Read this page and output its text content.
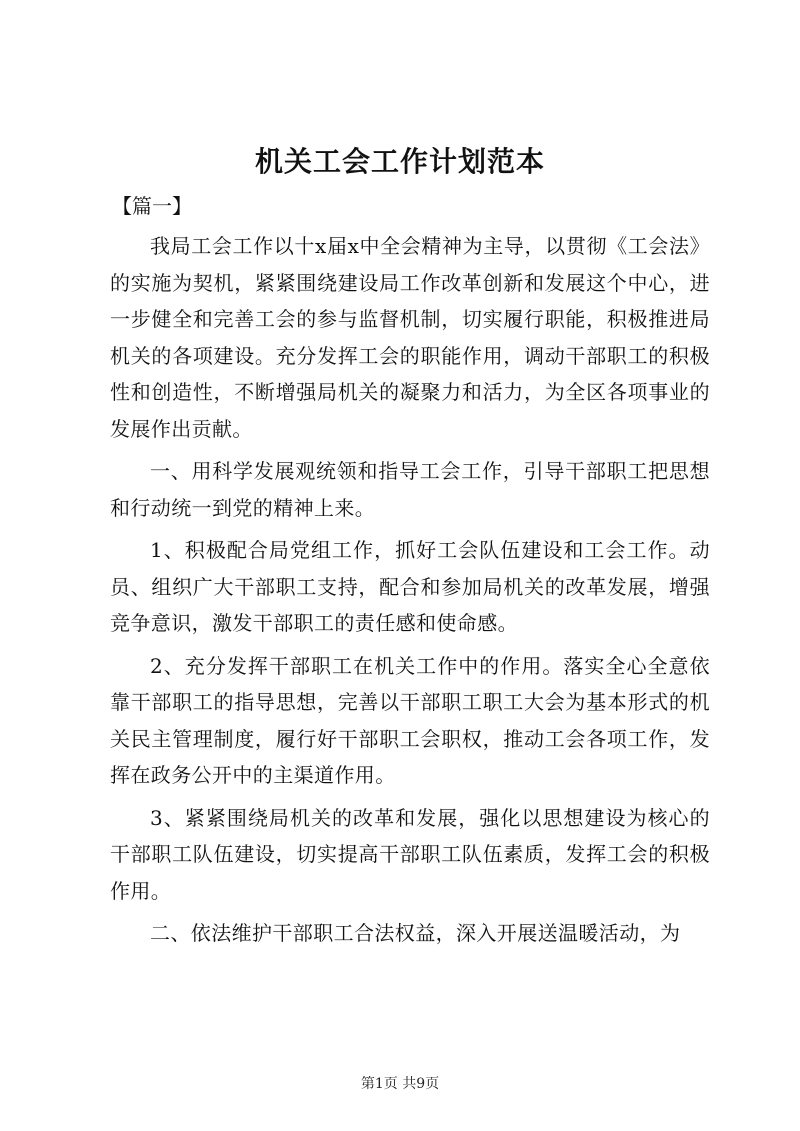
机关工会工作计划范本
【篇一】

我局工会工作以十x届x中全会精神为主导，以贯彻《工会法》的实施为契机，紧紧围绕建设局工作改革创新和发展这个中心，进一步健全和完善工会的参与监督机制，切实履行职能，积极推进局机关的各项建设。充分发挥工会的职能作用，调动干部职工的积极性和创造性，不断增强局机关的凝聚力和活力，为全区各项事业的发展作出贡献。

一、用科学发展观统领和指导工会工作，引导干部职工把思想和行动统一到党的精神上来。

1、积极配合局党组工作，抓好工会队伍建设和工会工作。动员、组织广大干部职工支持，配合和参加局机关的改革发展，增强竞争意识，激发干部职工的责任感和使命感。

2、充分发挥干部职工在机关工作中的作用。落实全心全意依靠干部职工的指导思想，完善以干部职工职工大会为基本形式的机关民主管理制度，履行好干部职工会职权，推动工会各项工作，发挥在政务公开中的主渠道作用。

3、紧紧围绕局机关的改革和发展，强化以思想建设为核心的干部职工队伍建设，切实提高干部职工队伍素质，发挥工会的积极作用。

二、依法维护干部职工合法权益，深入开展送温暖活动，为

第1页 共9页
